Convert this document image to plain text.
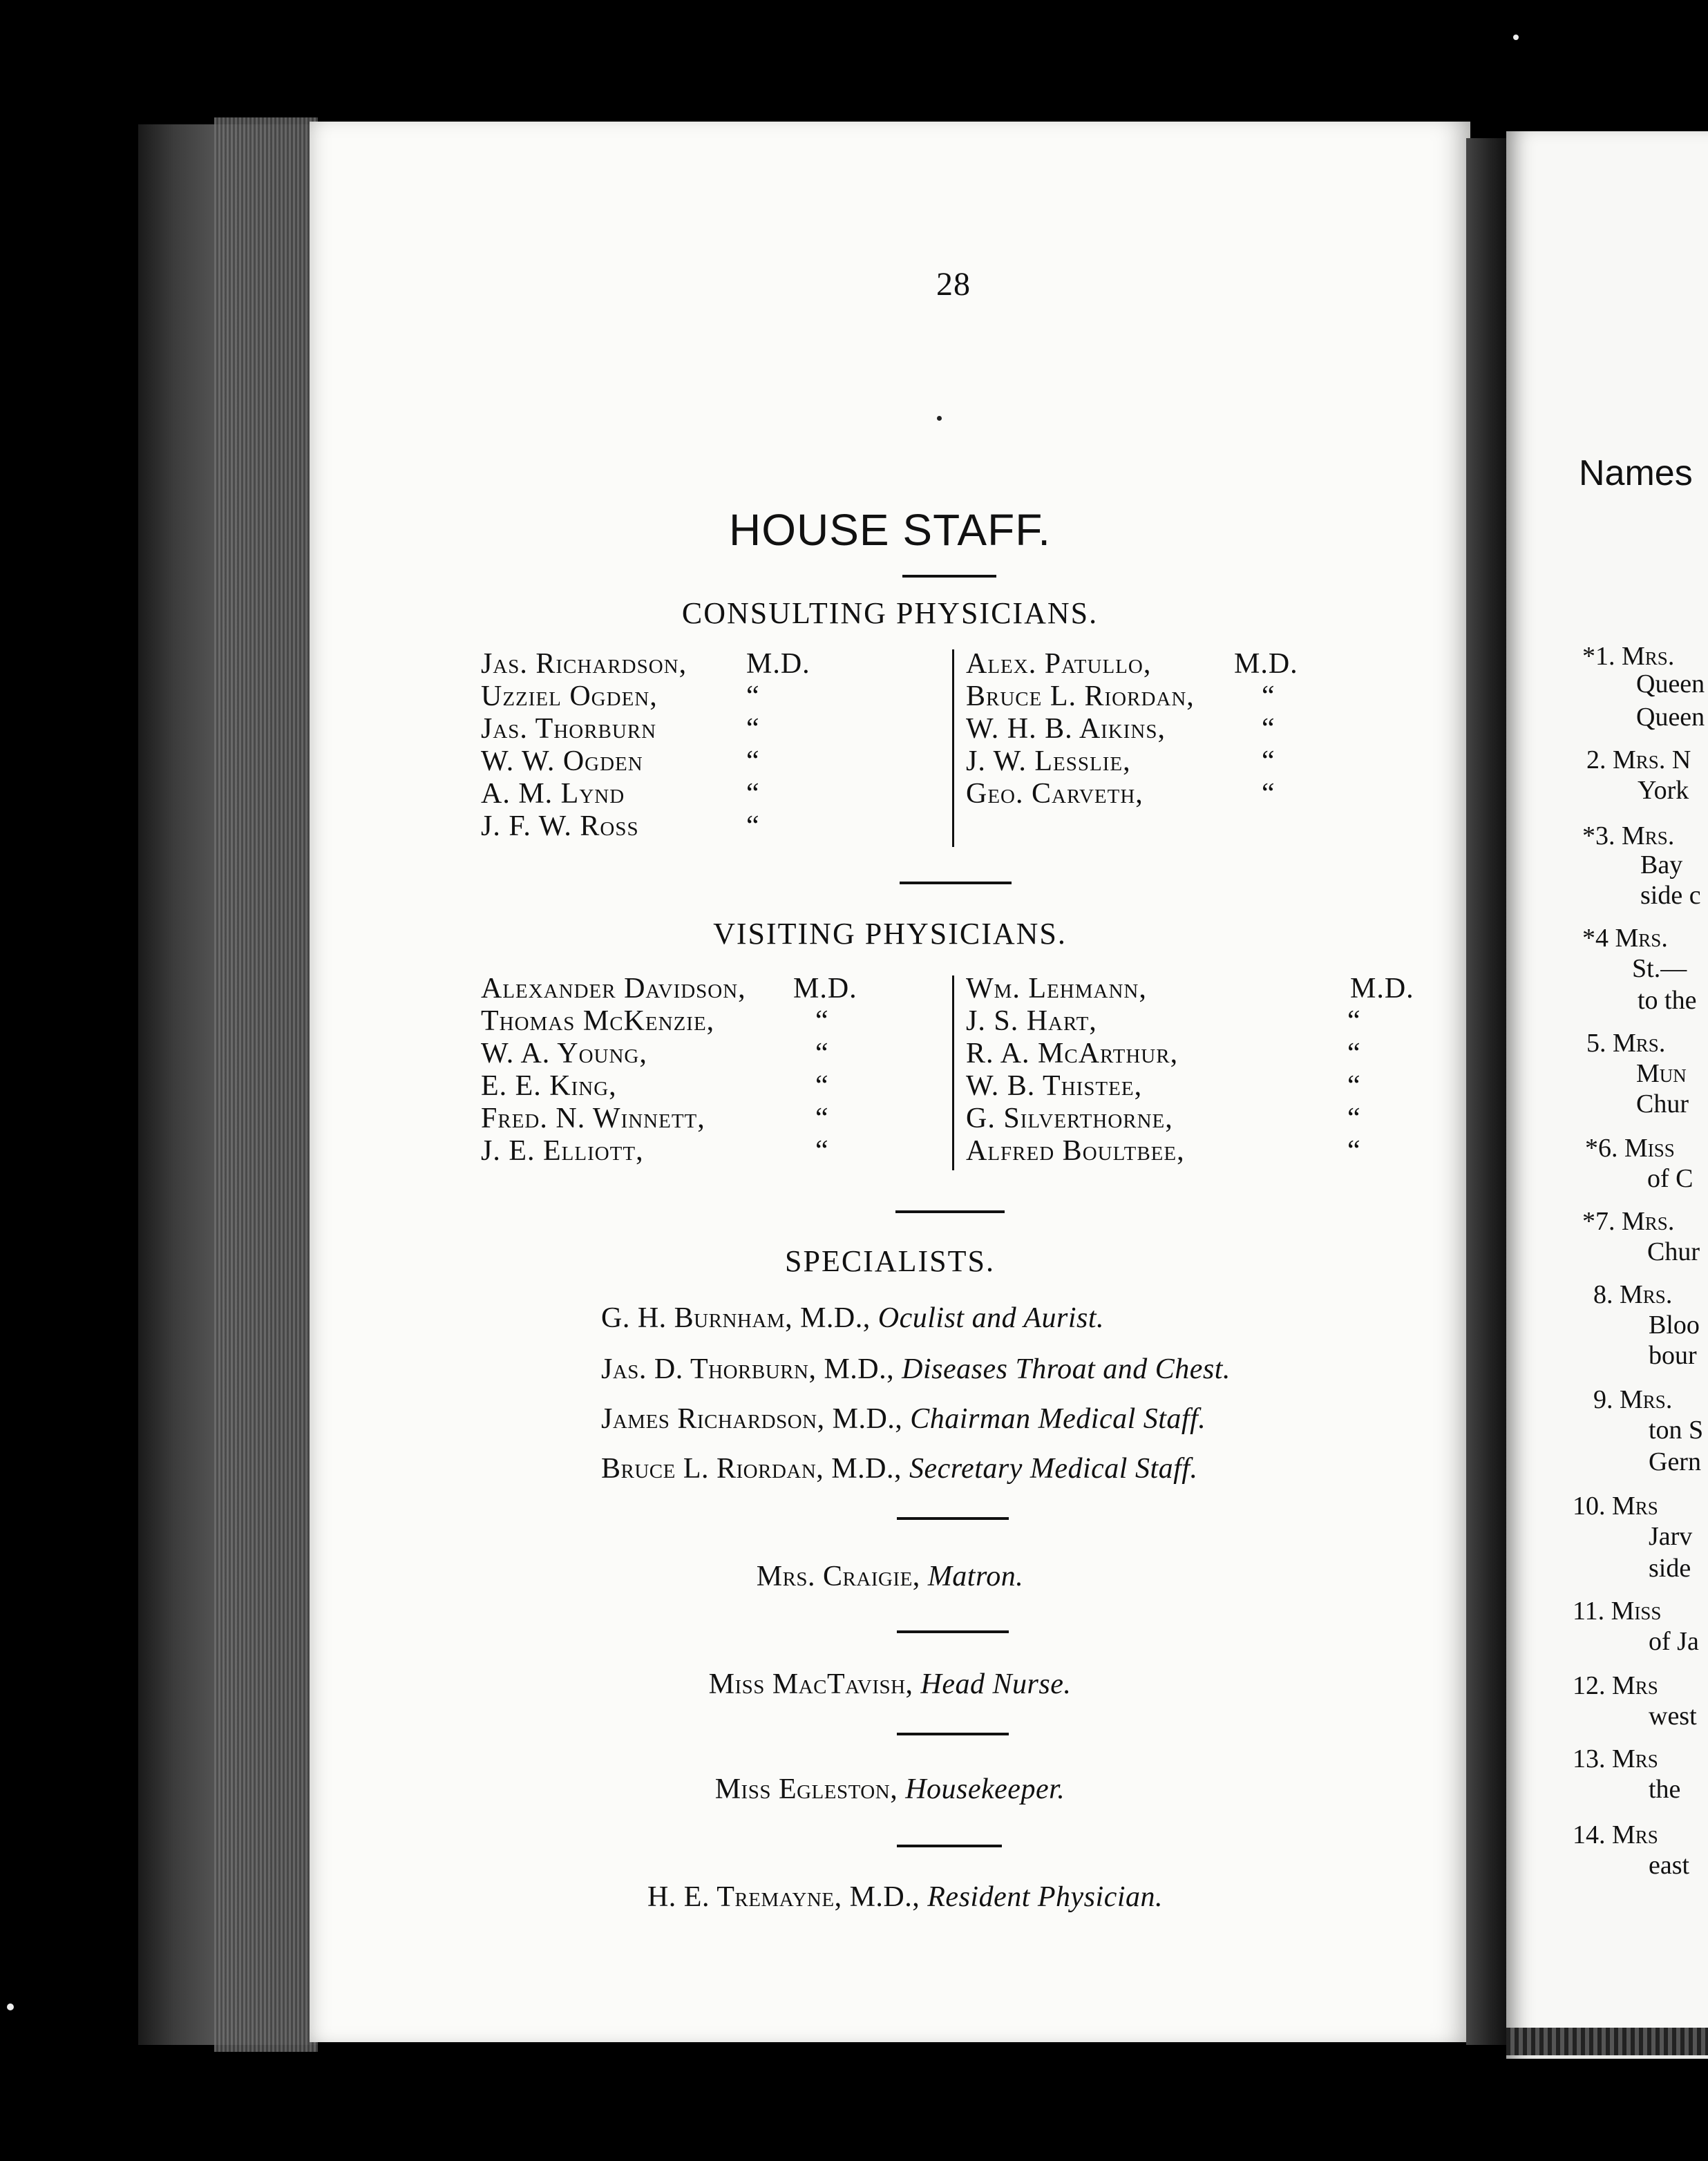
28
HOUSE STAFF.
CONSULTING PHYSICIANS.
Jas. Richardson, M.D.
Uzziel Ogden,	“
Jas. Thorburn	“
W. W. Ogden	“
A. M. Lynd	“
J. F. W. Ross	“
Alex. Patullo,	M.D.
Bruce L. Riordan, “
W. H. B. Aikins,	“
J. W. Lesslie,	“
Geo. Carveth,	“
VISITING PHYSICIANS.
Alexander Davidson, M.D.
Thomas McKenzie,	“
W. A. Young,	“
E. E. King,	“
Fred. N. Winnett,	“
J. E. Elliott,	“
Wm. Lehmann,	M.D.
J. S. Hart,	“
R. A. McArthur,	“
W. B. Thistee,	“
G. Silverthorne,	“
Alfred Boultbee,	“
SPECIALISTS.
G. H. Burnham, M.D., Oculist and Aurist.
Jas. D. Thorburn, M.D., Diseases Throat and Chest.
James Richardson, M.D., Chairman Medical Staff.
Bruce L. Riordan, M.D., Secretary Medical Staff.
Mrs. Craigie, Matron.
Miss MacTavish, Head Nurse.
Miss Egleston, Housekeeper.
H. E. Tremayne, M.D., Resident Physician.
Names
*1. Mrs.
Queen
Queen
2. Mrs. N
York
*3. Mrs.
Bay
side c
*4 Mrs.
St.—
to the
5. Mrs.
Mun
Chur
*6. Miss
of C
*7. Mrs.
Chur
8. Mrs.
Bloo
bour
9. Mrs.
ton S
Gern
10. Mrs
Jarv
side
11. Miss
of Ja
12. Mrs
west
13. Mrs
the
14. Mrs
east
